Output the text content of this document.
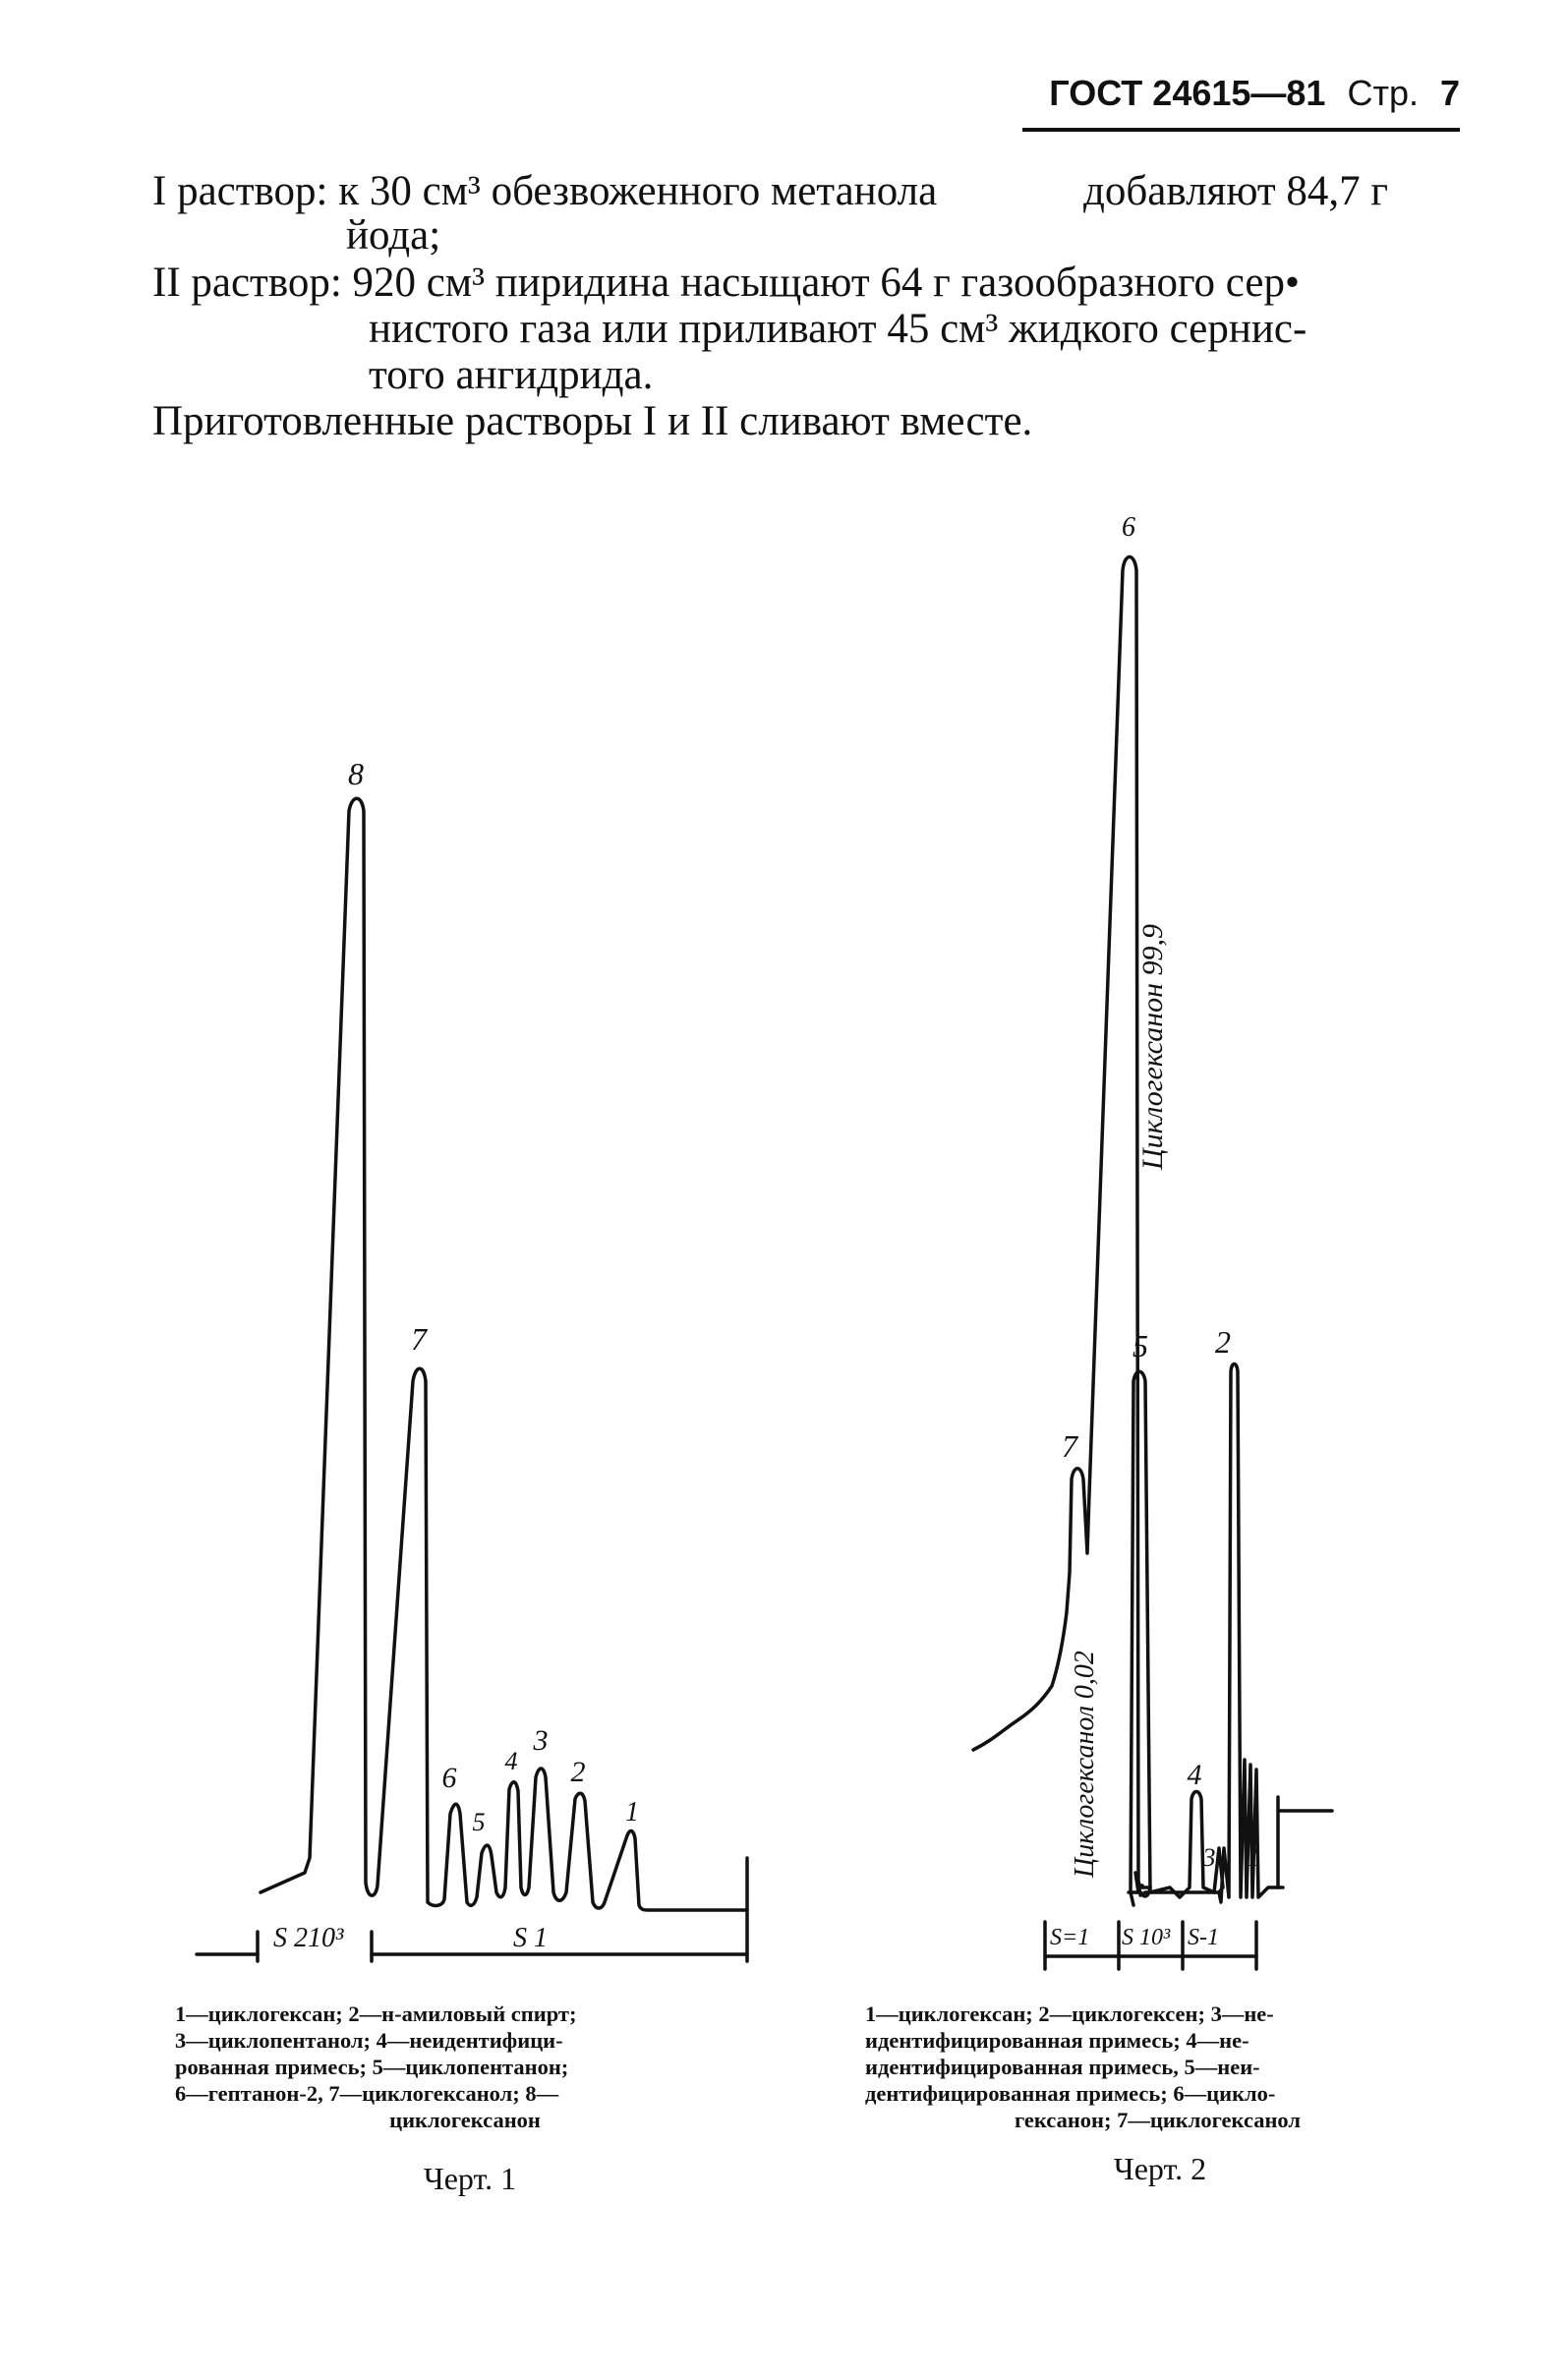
ГОСТ 24615—81 Стр. 7
I раствор: к 30 см³ обезвоженного метанола	добавляют 84,7 г
йода;
II раствор: 920 см³ пиридина насыщают 64 г газообразного сер•
нистого газа или приливают 45 см³ жидкого сернис-
того ангидрида.
Приготовленные растворы I и II сливают вместе.
8
7
6
5
4
3
2
1
S 210³	S 1
6
7
5 2
4
3 1
Циклогексанон 99,9
Циклогексанол 0,02
S=1 S 10³ S-1
1—циклогексан; 2—н-амиловый спирт;
3—циклопентанол; 4—неидентифици-
рованная примесь; 5—циклопентанон;
6—гептанон-2, 7—циклогексанол; 8—
циклогексанон
Черт. 1
1—циклогексан; 2—циклогексен; 3—не-
идентифицированная примесь; 4—не-
идентифицированная примесь, 5—неи-
дентифицированная примесь; 6—цикло-
гексанон; 7—циклогексанол
Черт. 2
